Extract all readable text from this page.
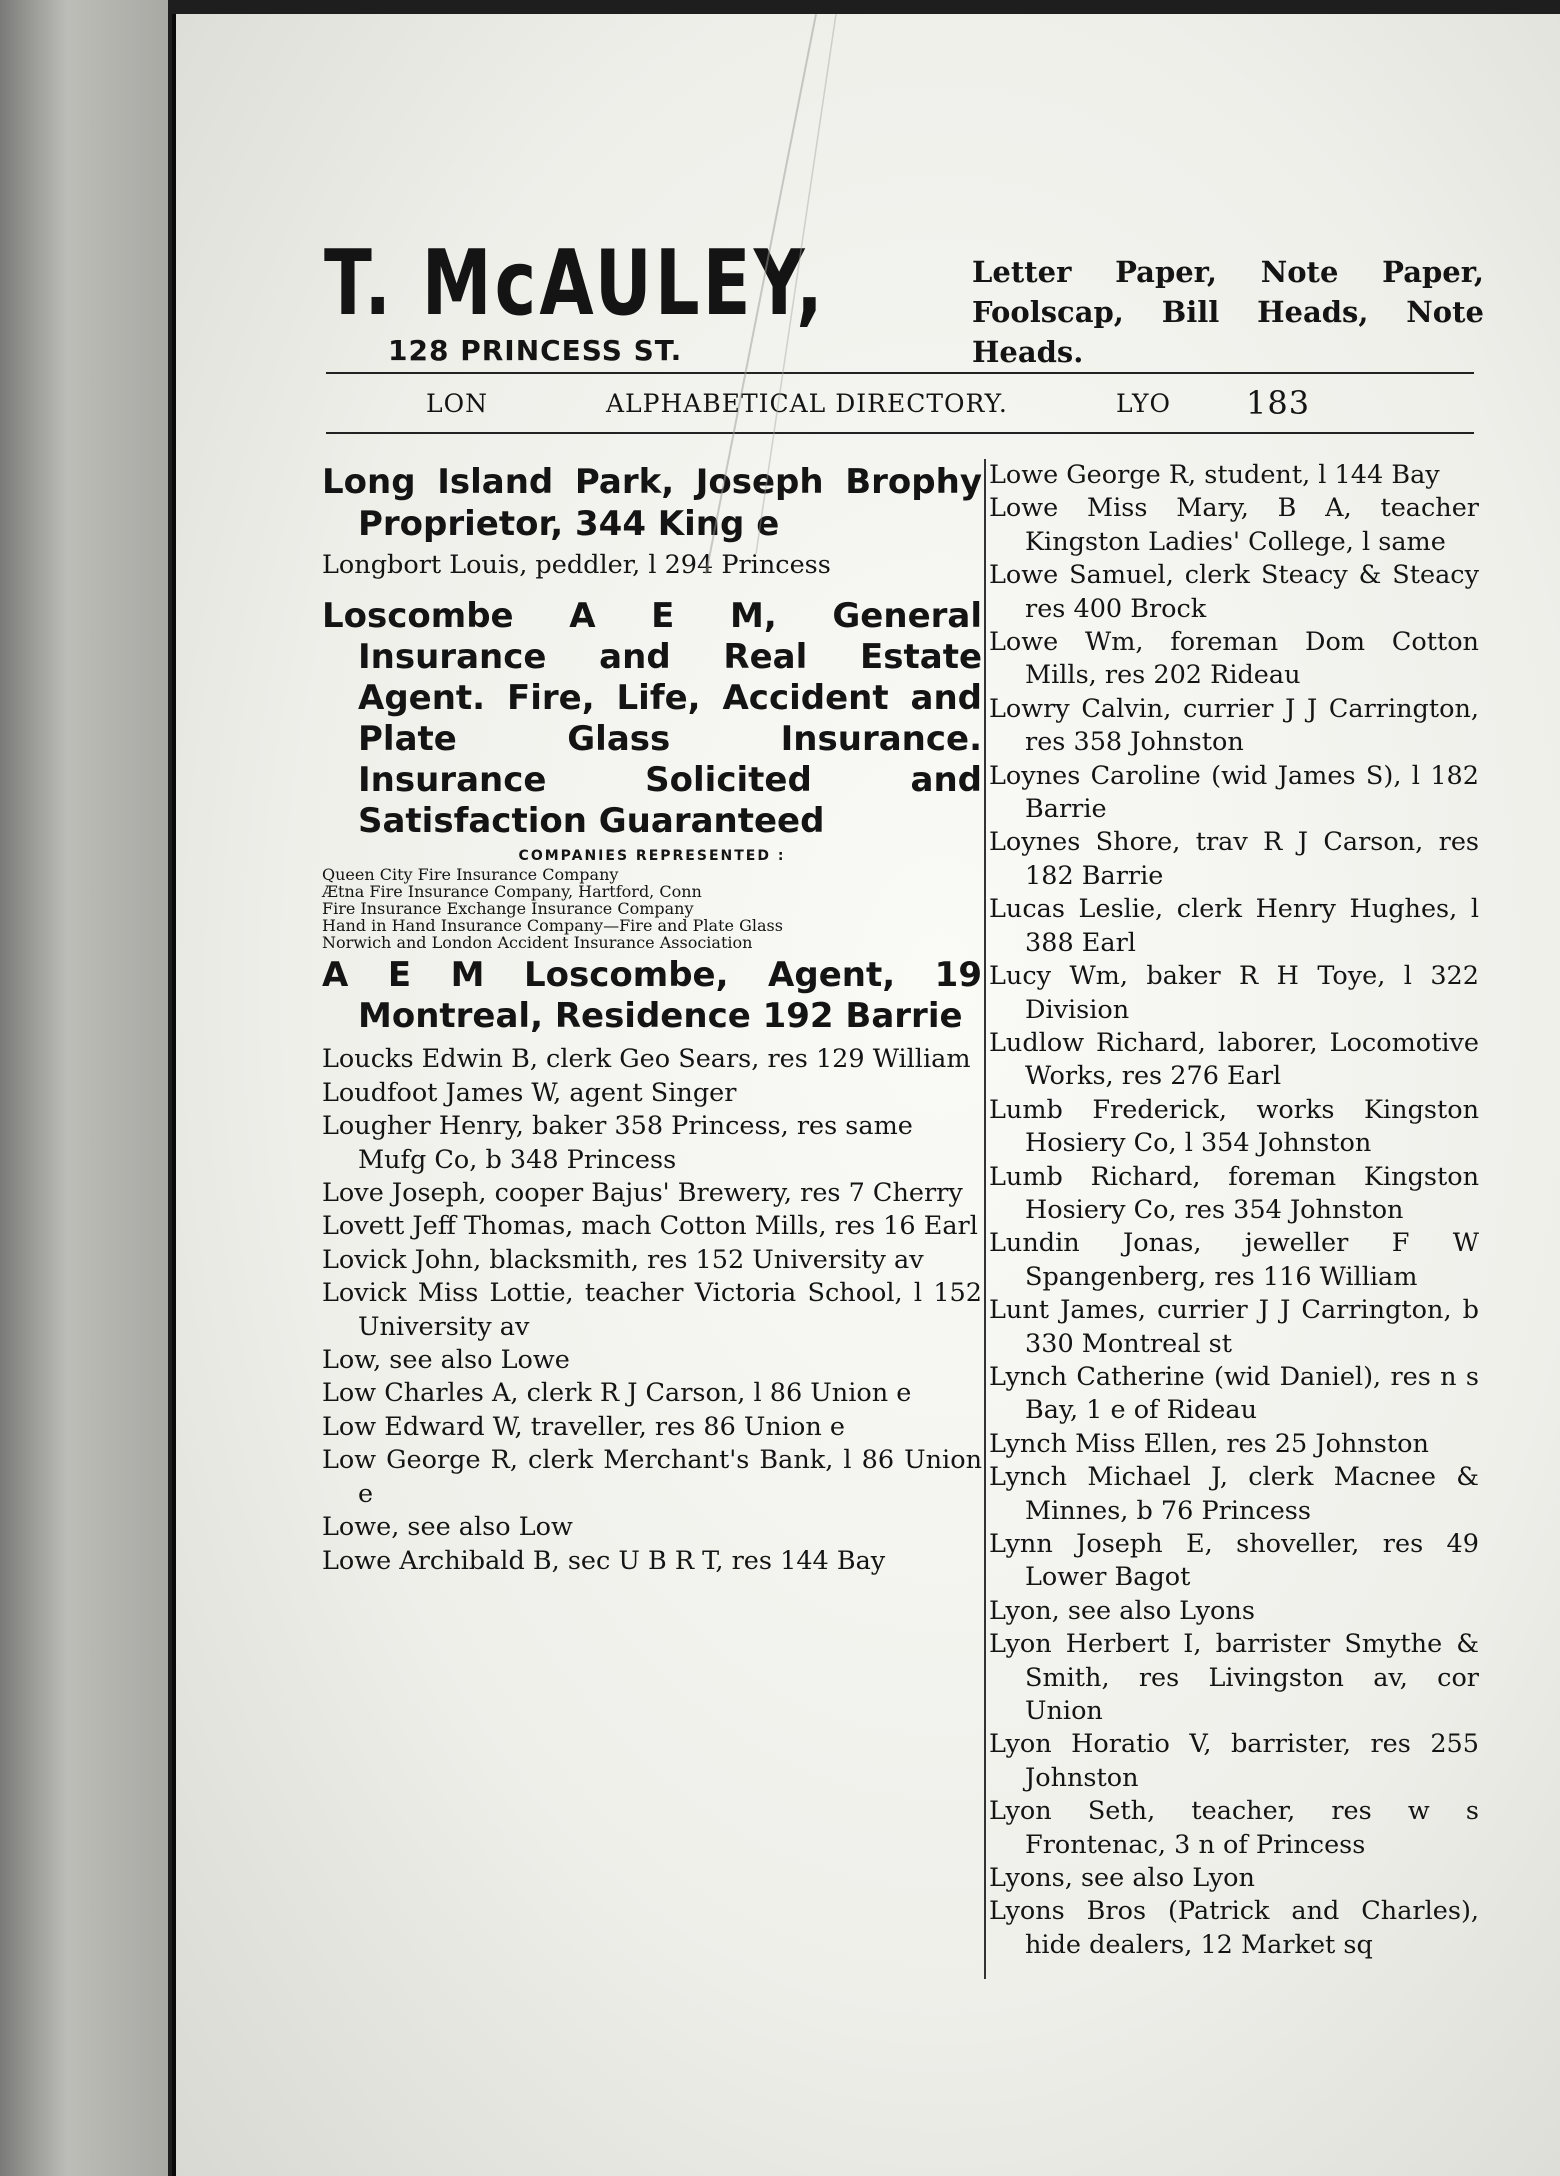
T. McAULEY,
128 PRINCESS ST.
Letter Paper, Note Paper, Foolscap, Bill Heads, Note Heads.
LON	ALPHABETICAL DIRECTORY.	LYO 183

Long Island Park, Joseph Brophy Proprietor, 344 King e

Longbort Louis, peddler, l 294 Princess

Loscombe A E M, General Insurance and Real Estate Agent. Fire, Life, Accident and Plate Glass Insurance. Insurance Solicited and Satisfaction Guaranteed

COMPANIES REPRESENTED :
Queen City Fire Insurance Company
Ætna Fire Insurance Company, Hartford, Conn
Fire Insurance Exchange Insurance Company
Hand in Hand Insurance Company—Fire and Plate Glass
Norwich and London Accident Insurance Association

A E M Loscombe, Agent, 19 Montreal, Residence 192 Barrie

Loucks Edwin B, clerk Geo Sears, res 129 William

Loudfoot James W, agent Singer

Lougher Henry, baker 358 Princess, res same

Mufg Co, b 348 Princess

Love Joseph, cooper Bajus' Brewery, res 7 Cherry

Lovett Jeff Thomas, mach Cotton Mills, res 16 Earl

Lovick John, blacksmith, res 152 University av

Lovick Miss Lottie, teacher Victoria School, l 152 University av

Low, see also Lowe

Low Charles A, clerk R J Carson, l 86 Union e

Low Edward W, traveller, res 86 Union e

Low George R, clerk Merchant's Bank, l 86 Union e

Lowe, see also Low

Lowe Archibald B, sec U B R T, res 144 Bay

Lowe George R, student, l 144 Bay

Lowe Miss Mary, B A, teacher Kingston Ladies' College, l same

Lowe Samuel, clerk Steacy & Steacy res 400 Brock

Lowe Wm, foreman Dom Cotton Mills, res 202 Rideau

Lowry Calvin, currier J J Carrington, res 358 Johnston

Loynes Caroline (wid James S), l 182 Barrie

Loynes Shore, trav R J Carson, res 182 Barrie

Lucas Leslie, clerk Henry Hughes, l 388 Earl

Lucy Wm, baker R H Toye, l 322 Division

Ludlow Richard, laborer, Locomotive Works, res 276 Earl

Lumb Frederick, works Kingston Hosiery Co, l 354 Johnston

Lumb Richard, foreman Kingston Hosiery Co, res 354 Johnston

Lundin Jonas, jeweller F W Spangenberg, res 116 William

Lunt James, currier J J Carrington, b 330 Montreal st

Lynch Catherine (wid Daniel), res n s Bay, 1 e of Rideau

Lynch Miss Ellen, res 25 Johnston

Lynch Michael J, clerk Macnee & Minnes, b 76 Princess

Lynn Joseph E, shoveller, res 49 Lower Bagot

Lyon, see also Lyons

Lyon Herbert I, barrister Smythe & Smith, res Livingston av, cor Union

Lyon Horatio V, barrister, res 255 Johnston

Lyon Seth, teacher, res w s Frontenac, 3 n of Princess

Lyons, see also Lyon

Lyons Bros (Patrick and Charles), hide dealers, 12 Market sq
